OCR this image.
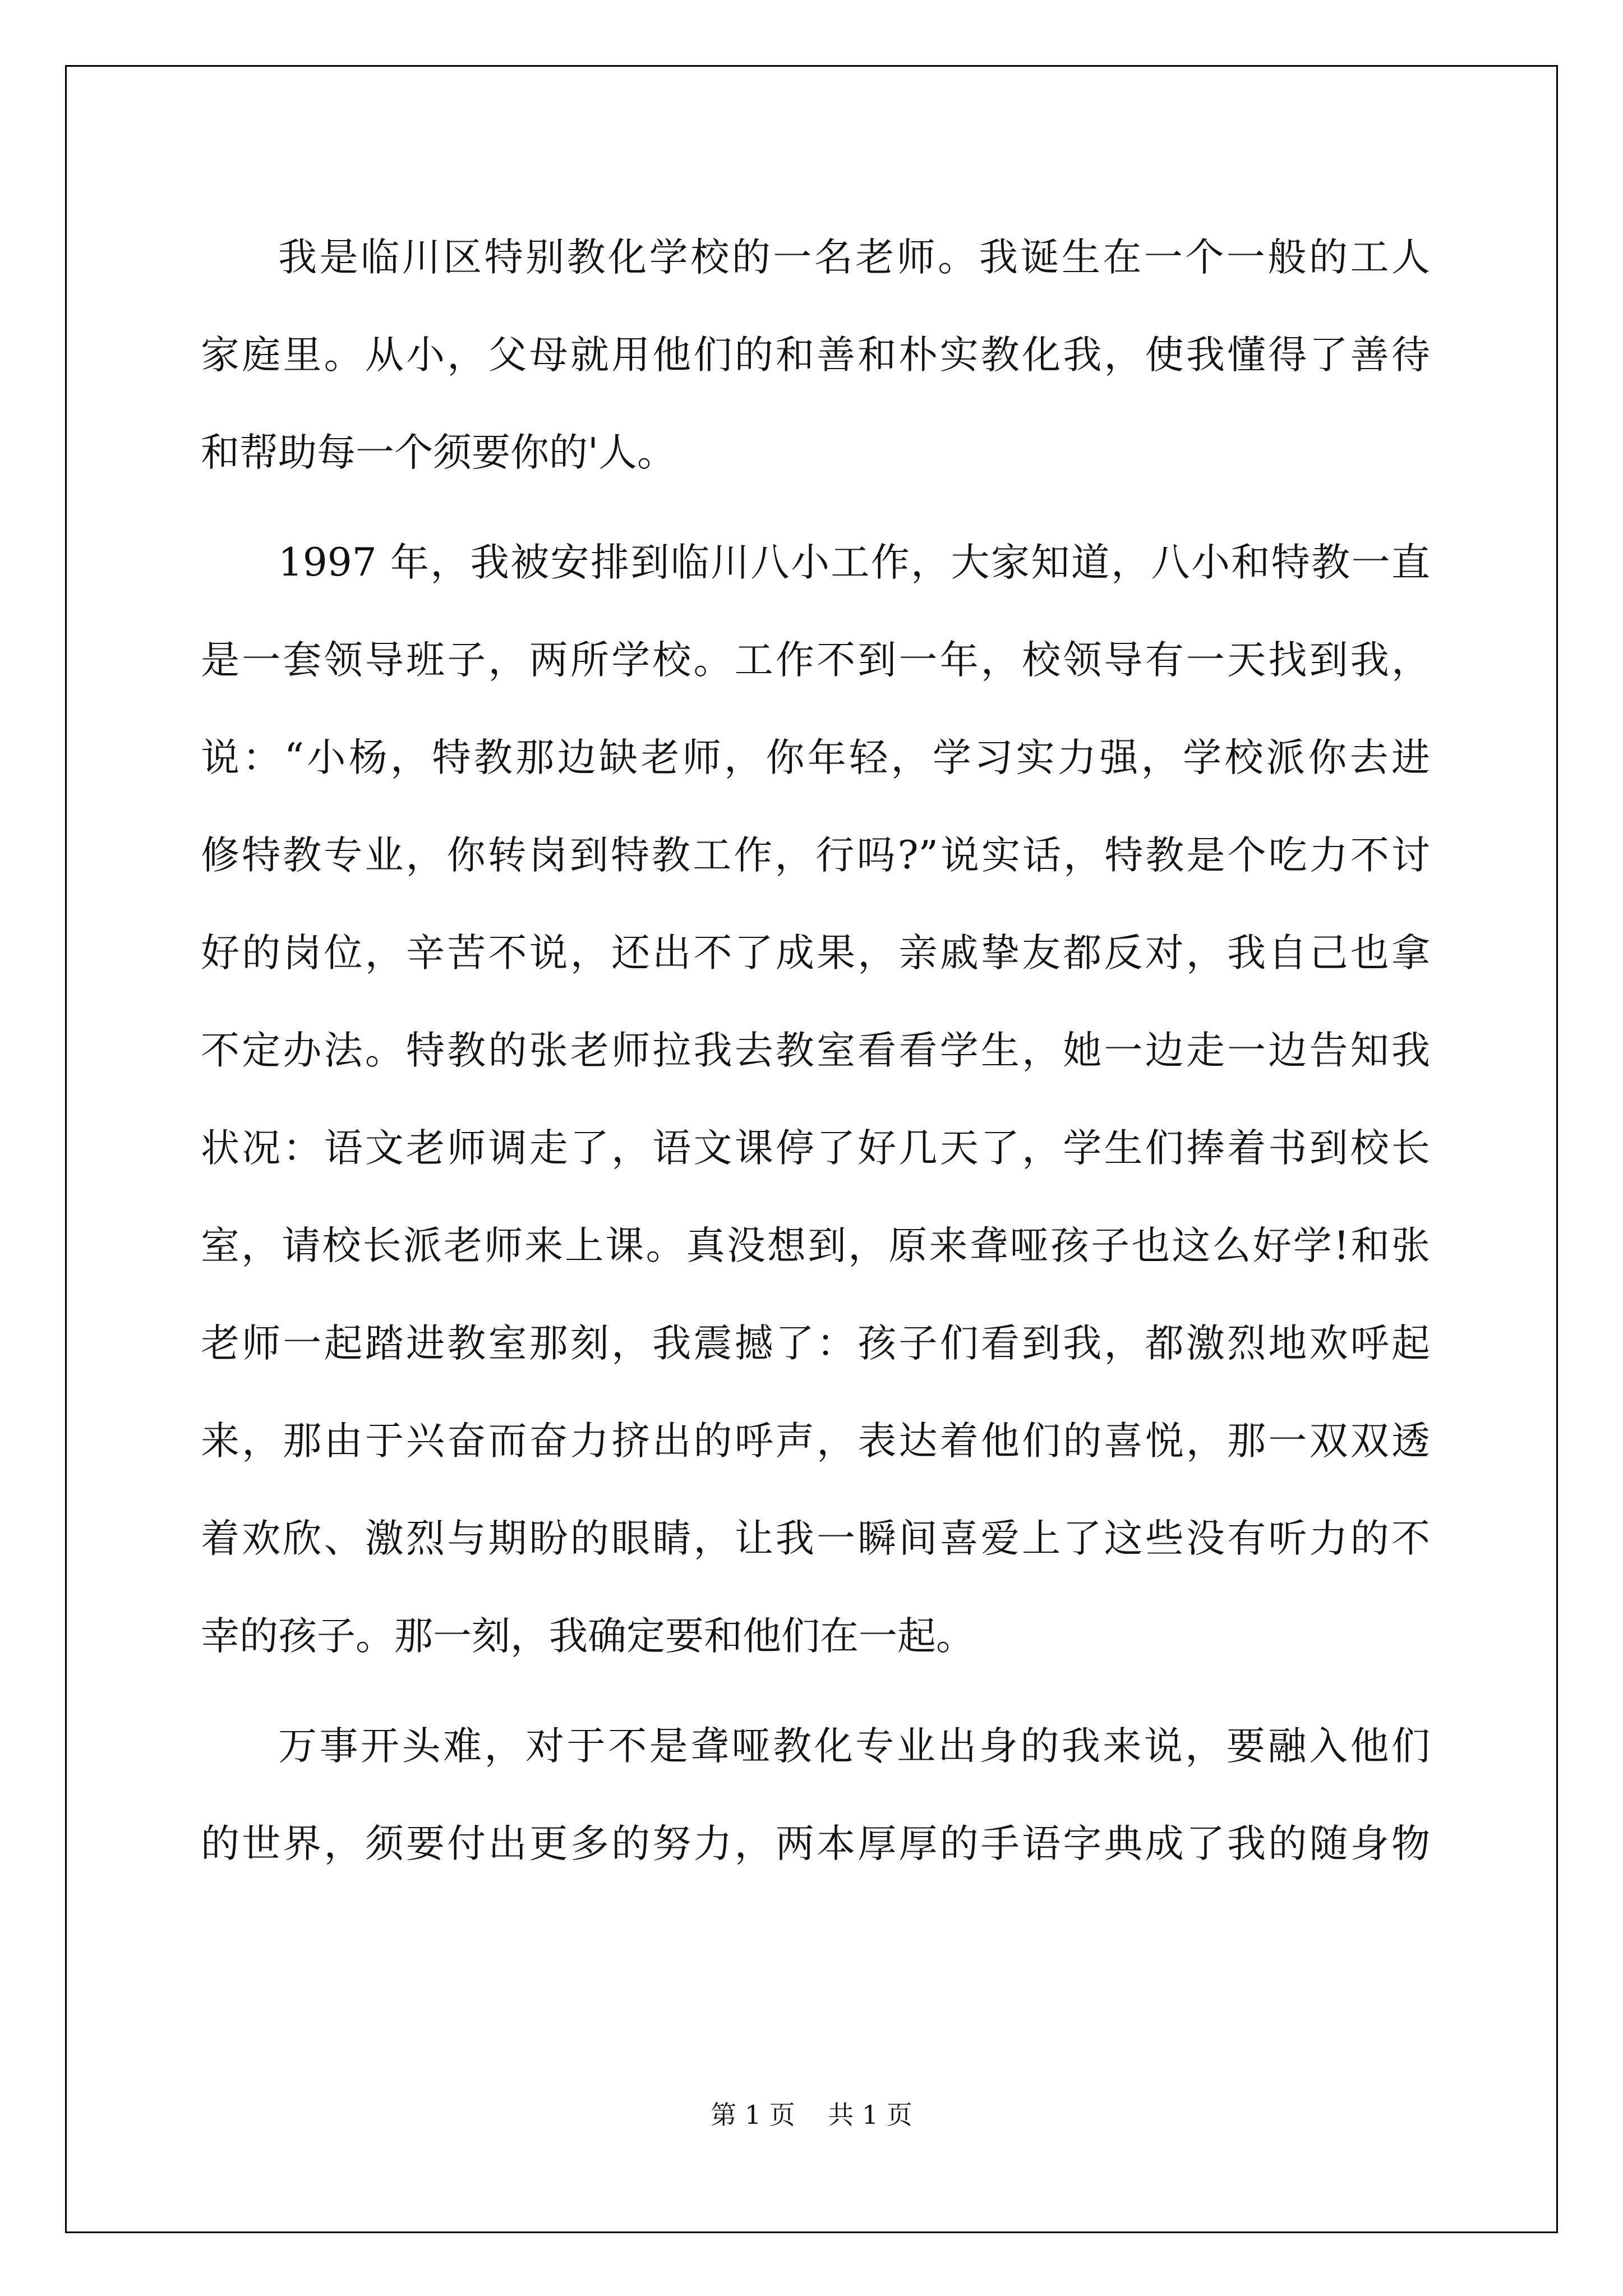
我是临川区特别教化学校的一名老师。我诞生在一个一般的工人
家庭里。从小，父母就用他们的和善和朴实教化我，使我懂得了善待
和帮助每一个须要你的'人。
1997 年，我被安排到临川八小工作，大家知道，八小和特教一直
是一套领导班子，两所学校。工作不到一年，校领导有一天找到我，
说：“小杨，特教那边缺老师，你年轻，学习实力强，学校派你去进
修特教专业，你转岗到特教工作，行吗?”说实话，特教是个吃力不讨
好的岗位，辛苦不说，还出不了成果，亲戚挚友都反对，我自己也拿
不定办法。特教的张老师拉我去教室看看学生，她一边走一边告知我
状况：语文老师调走了，语文课停了好几天了，学生们捧着书到校长
室，请校长派老师来上课。真没想到，原来聋哑孩子也这么好学!和张
老师一起踏进教室那刻，我震撼了：孩子们看到我，都激烈地欢呼起
来，那由于兴奋而奋力挤出的呼声，表达着他们的喜悦，那一双双透
着欢欣、激烈与期盼的眼睛，让我一瞬间喜爱上了这些没有听力的不
幸的孩子。那一刻，我确定要和他们在一起。
万事开头难，对于不是聋哑教化专业出身的我来说，要融入他们
的世界，须要付出更多的努力，两本厚厚的手语字典成了我的随身物
第 1 页    共 1 页
